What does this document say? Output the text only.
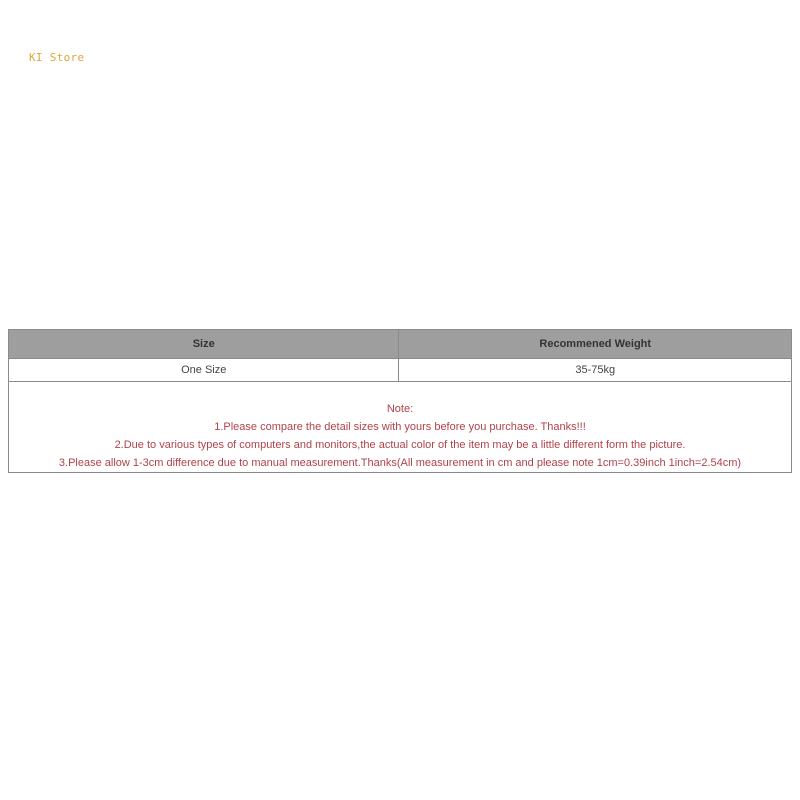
KI Store
Size	Recommened Weight
One Size	35-75kg

Note:
1.Please compare the detail sizes with yours before you purchase. Thanks!!!
2.Due to various types of computers and monitors,the actual color of the item may be a little different form the picture.
3.Please allow 1-3cm difference due to manual measurement.Thanks(All measurement in cm and please note 1cm=0.39inch 1inch=2.54cm)	
